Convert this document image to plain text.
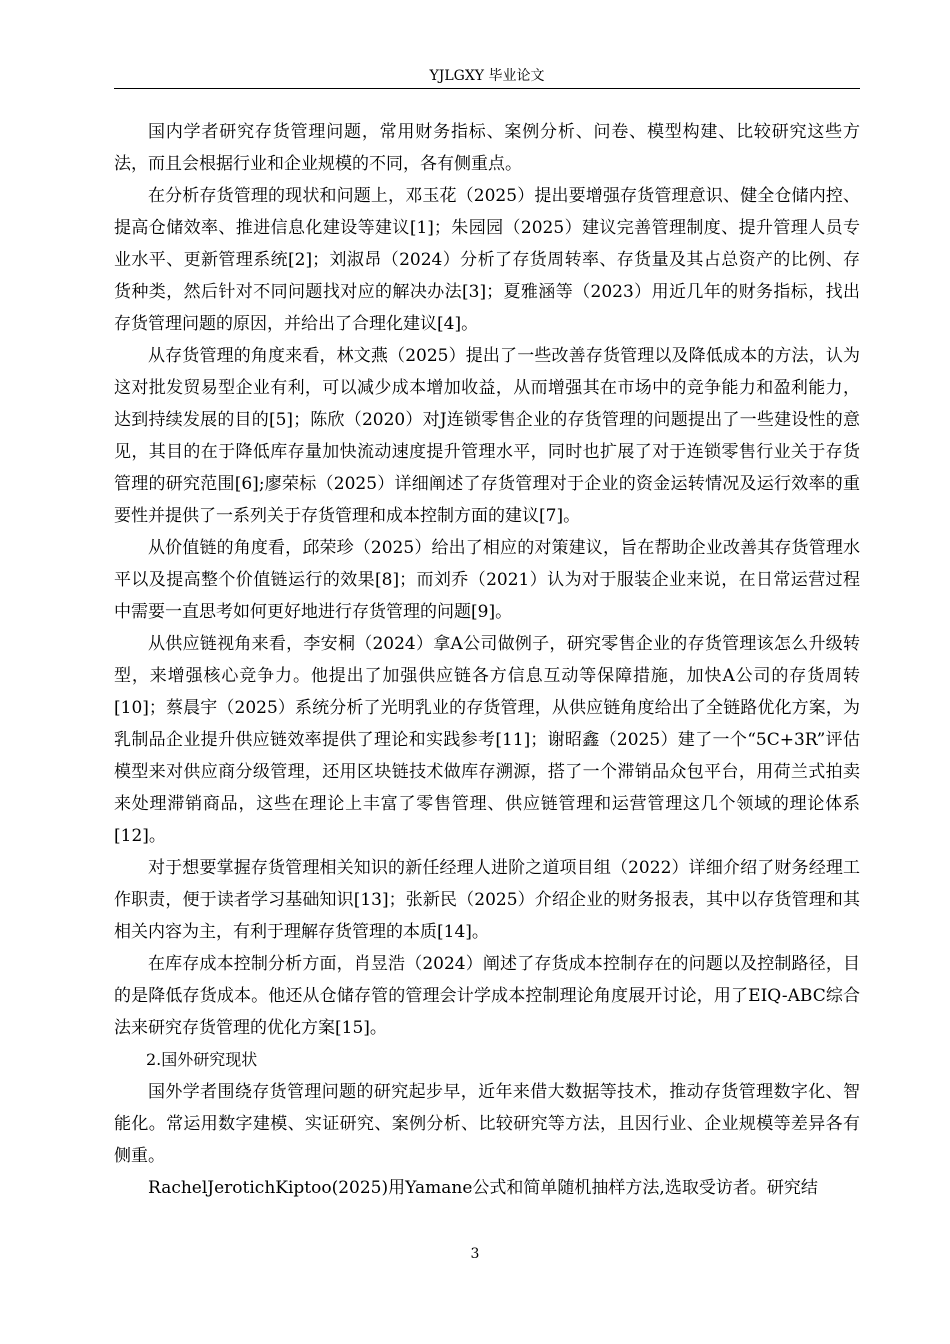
YJLGXY 毕业论文

国内学者研究存货管理问题，常用财务指标、案例分析、问卷、模型构建、比较研究这些方法，而且会根据行业和企业规模的不同，各有侧重点。

在分析存货管理的现状和问题上，邓玉花（2025）提出要增强存货管理意识、健全仓储内控、提高仓储效率、推进信息化建设等建议[1]；朱园园（2025）建议完善管理制度、提升管理人员专业水平、更新管理系统[2]；刘淑昂（2024）分析了存货周转率、存货量及其占总资产的比例、存货种类，然后针对不同问题找对应的解决办法[3]；夏雅涵等（2023）用近几年的财务指标，找出存货管理问题的原因，并给出了合理化建议[4]。

从存货管理的角度来看，林文燕（2025）提出了一些改善存货管理以及降低成本的方法，认为这对批发贸易型企业有利，可以减少成本增加收益，从而增强其在市场中的竞争能力和盈利能力，达到持续发展的目的[5]；陈欣（2020）对J连锁零售企业的存货管理的问题提出了一些建设性的意见，其目的在于降低库存量加快流动速度提升管理水平，同时也扩展了对于连锁零售行业关于存货管理的研究范围[6];廖荣标（2025）详细阐述了存货管理对于企业的资金运转情况及运行效率的重要性并提供了一系列关于存货管理和成本控制方面的建议[7]。

从价值链的角度看，邱荣珍（2025）给出了相应的对策建议，旨在帮助企业改善其存货管理水平以及提高整个价值链运行的效果[8]；而刘乔（2021）认为对于服装企业来说，在日常运营过程中需要一直思考如何更好地进行存货管理的问题[9]。

从供应链视角来看，李安桐（2024）拿A公司做例子，研究零售企业的存货管理该怎么升级转型，来增强核心竞争力。他提出了加强供应链各方信息互动等保障措施，加快A公司的存货周转[10]；蔡晨宇（2025）系统分析了光明乳业的存货管理，从供应链角度给出了全链路优化方案，为乳制品企业提升供应链效率提供了理论和实践参考[11]；谢昭鑫（2025）建了一个“5C+3R”评估模型来对供应商分级管理，还用区块链技术做库存溯源，搭了一个滞销品众包平台，用荷兰式拍卖来处理滞销商品，这些在理论上丰富了零售管理、供应链管理和运营管理这几个领域的理论体系[12]。

对于想要掌握存货管理相关知识的新任经理人进阶之道项目组（2022）详细介绍了财务经理工作职责，便于读者学习基础知识[13]；张新民（2025）介绍企业的财务报表，其中以存货管理和其相关内容为主，有利于理解存货管理的本质[14]。

在库存成本控制分析方面，肖昱浩（2024）阐述了存货成本控制存在的问题以及控制路径，目的是降低存货成本。他还从仓储存管的管理会计学成本控制理论角度展开讨论，用了EIQ-ABC综合法来研究存货管理的优化方案[15]。

2.国外研究现状

国外学者围绕存货管理问题的研究起步早，近年来借大数据等技术，推动存货管理数字化、智能化。常运用数字建模、实证研究、案例分析、比较研究等方法，且因行业、企业规模等差异各有侧重。

RachelJerotichKiptoo(2025)用Yamane公式和简单随机抽样方法,选取受访者。研究结

3
